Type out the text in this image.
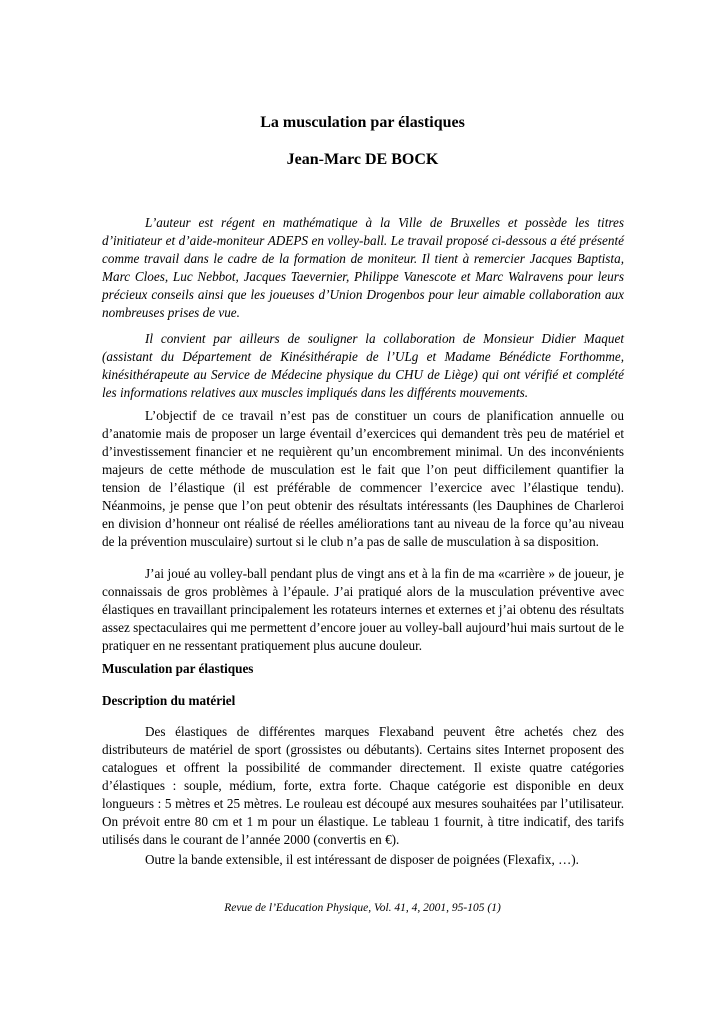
La musculation par élastiques
Jean-Marc DE BOCK

L’auteur est régent en mathématique à la Ville de Bruxelles et possède les titres d’initiateur et d’aide-moniteur ADEPS en volley-ball. Le travail proposé ci-dessous a été présenté comme travail dans le cadre de la formation de moniteur. Il tient à remercier Jacques Baptista, Marc Cloes, Luc Nebbot, Jacques Taevernier, Philippe Vanescote et Marc Walravens pour leurs précieux conseils ainsi que les joueuses d’Union Drogenbos pour leur aimable collaboration aux nombreuses prises de vue.

Il convient par ailleurs de souligner la collaboration de Monsieur Didier Maquet (assistant du Département de Kinésithérapie de l’ULg et Madame Bénédicte Forthomme, kinésithérapeute au Service de Médecine physique du CHU de Liège) qui ont vérifié et complété les informations relatives aux muscles impliqués dans les différents mouvements.

L’objectif de ce travail n’est pas de constituer un cours de planification annuelle ou d’anatomie mais de proposer un large éventail d’exercices qui demandent très peu de matériel et d’investissement financier et ne requièrent qu’un encombrement minimal. Un des inconvénients majeurs de cette méthode de musculation est le fait que l’on peut difficilement quantifier la tension de l’élastique (il est préférable de commencer l’exercice avec l’élastique tendu). Néanmoins, je pense que l’on peut obtenir des résultats intéressants (les Dauphines de Charleroi en division d’honneur ont réalisé de réelles améliorations tant au niveau de la force qu’au niveau de la prévention musculaire) surtout si le club n’a pas de salle de musculation à sa disposition.

J’ai joué au volley-ball pendant plus de vingt ans et à la fin de ma «carrière » de joueur, je connaissais de gros problèmes à l’épaule. J’ai pratiqué alors de la musculation préventive avec élastiques en travaillant principalement les rotateurs internes et externes et j’ai obtenu des résultats assez spectaculaires qui me permettent d’encore jouer au volley-ball aujourd’hui mais surtout de le pratiquer en ne ressentant pratiquement plus aucune douleur.

Musculation par élastiques
Description du matériel

Des élastiques de différentes marques Flexaband peuvent être achetés chez des distributeurs de matériel de sport (grossistes ou débutants). Certains sites Internet proposent des catalogues et offrent la possibilité de commander directement. Il existe quatre catégories d’élastiques : souple, médium, forte, extra forte. Chaque catégorie est disponible en deux longueurs : 5 mètres et 25 mètres. Le rouleau est découpé aux mesures souhaitées par l’utilisateur. On prévoit entre 80 cm et 1 m pour un élastique. Le tableau 1 fournit, à titre indicatif, des tarifs utilisés dans le courant de l’année 2000 (convertis en €).

Outre la bande extensible, il est intéressant de disposer de poignées (Flexafix, …).

Revue de l’Education Physique, Vol. 41, 4, 2001, 95-105 (1)
